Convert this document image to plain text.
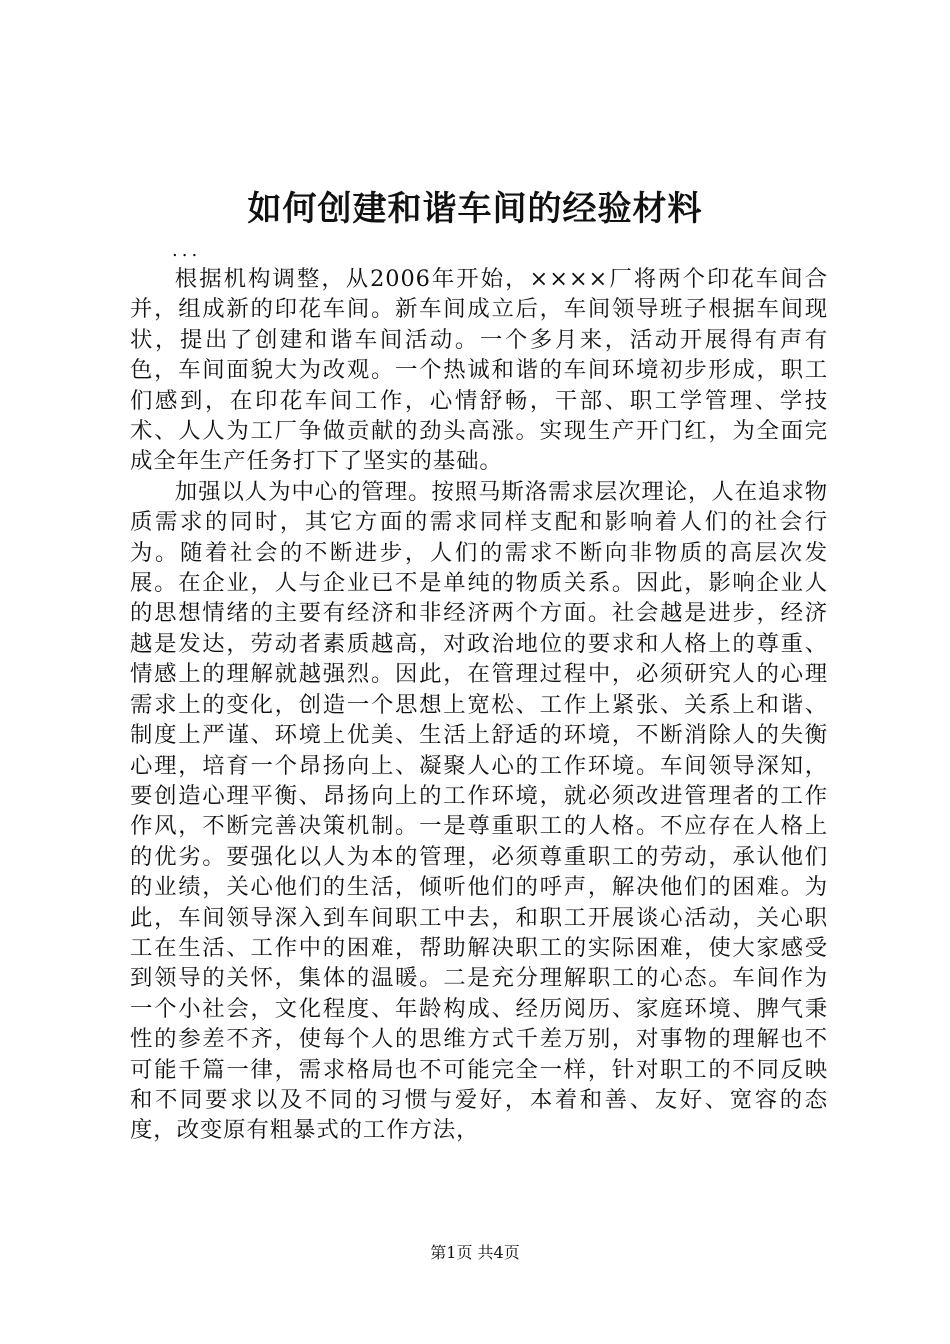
如何创建和谐车间的经验材料
...

根据机构调整，从2006年开始，××××厂将两个印花车间合并，组成新的印花车间。新车间成立后，车间领导班子根据车间现状，提出了创建和谐车间活动。一个多月来，活动开展得有声有色，车间面貌大为改观。一个热诚和谐的车间环境初步形成，职工们感到，在印花车间工作，心情舒畅，干部、职工学管理、学技术、人人为工厂争做贡献的劲头高涨。实现生产开门红，为全面完成全年生产任务打下了坚实的基础。

加强以人为中心的管理。按照马斯洛需求层次理论，人在追求物质需求的同时，其它方面的需求同样支配和影响着人们的社会行为。随着社会的不断进步，人们的需求不断向非物质的高层次发展。在企业，人与企业已不是单纯的物质关系。因此，影响企业人的思想情绪的主要有经济和非经济两个方面。社会越是进步，经济越是发达，劳动者素质越高，对政治地位的要求和人格上的尊重、情感上的理解就越强烈。因此，在管理过程中，必须研究人的心理需求上的变化，创造一个思想上宽松、工作上紧张、关系上和谐、制度上严谨、环境上优美、生活上舒适的环境，不断消除人的失衡心理，培育一个昂扬向上、凝聚人心的工作环境。车间领导深知，要创造心理平衡、昂扬向上的工作环境，就必须改进管理者的工作作风，不断完善决策机制。一是尊重职工的人格。不应存在人格上的优劣。要强化以人为本的管理，必须尊重职工的劳动，承认他们的业绩，关心他们的生活，倾听他们的呼声，解决他们的困难。为此，车间领导深入到车间职工中去，和职工开展谈心活动，关心职工在生活、工作中的困难，帮助解决职工的实际困难，使大家感受到领导的关怀，集体的温暖。二是充分理解职工的心态。车间作为一个小社会，文化程度、年龄构成、经历阅历、家庭环境、脾气秉性的参差不齐，使每个人的思维方式千差万别，对事物的理解也不可能千篇一律，需求格局也不可能完全一样，针对职工的不同反映和不同要求以及不同的习惯与爱好，本着和善、友好、宽容的态度，改变原有粗暴式的工作方法，

第1页 共4页
